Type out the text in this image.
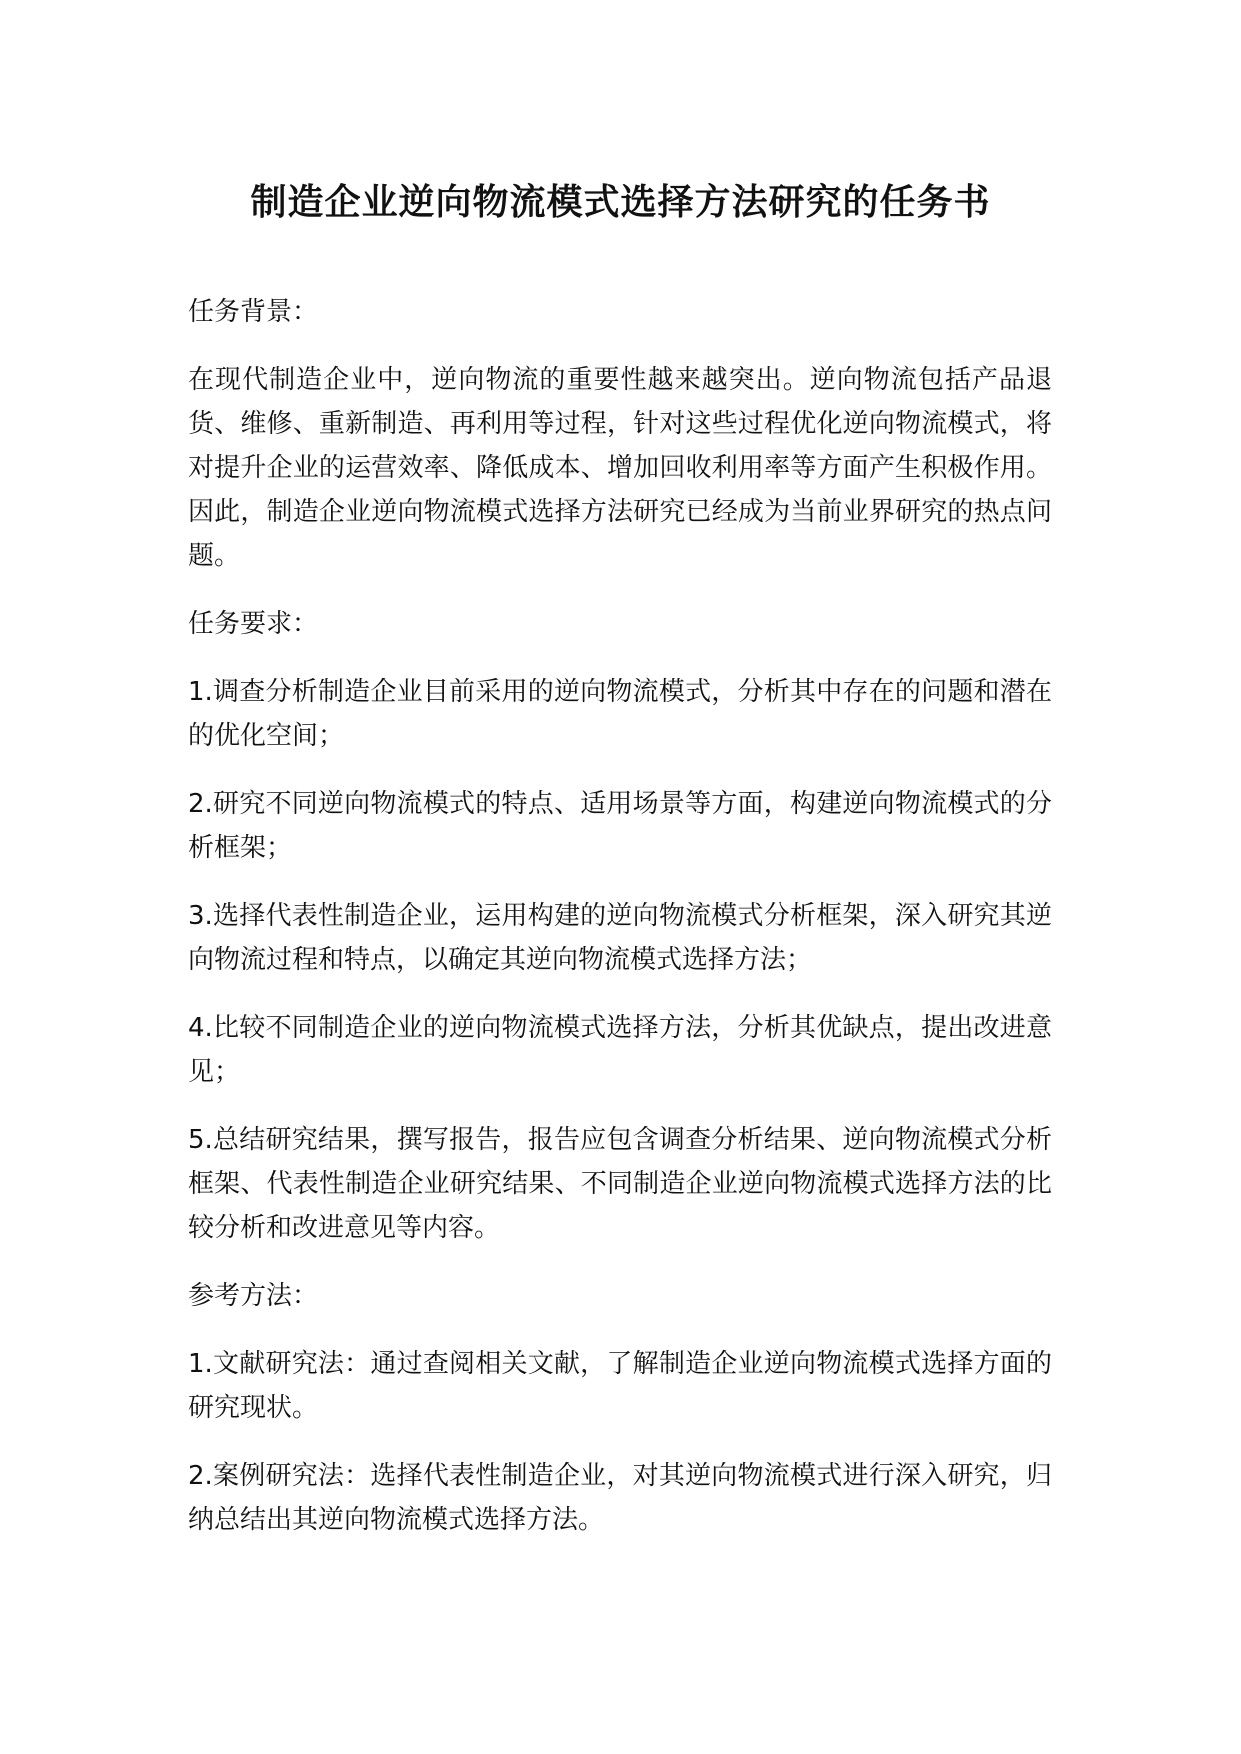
制造企业逆向物流模式选择方法研究的任务书

任务背景：

在现代制造企业中，逆向物流的重要性越来越突出。逆向物流包括产品退货、维修、重新制造、再利用等过程，针对这些过程优化逆向物流模式，将对提升企业的运营效率、降低成本、增加回收利用率等方面产生积极作用。因此，制造企业逆向物流模式选择方法研究已经成为当前业界研究的热点问题。

任务要求：

1.调查分析制造企业目前采用的逆向物流模式，分析其中存在的问题和潜在的优化空间；

2.研究不同逆向物流模式的特点、适用场景等方面，构建逆向物流模式的分析框架；

3.选择代表性制造企业，运用构建的逆向物流模式分析框架，深入研究其逆向物流过程和特点，以确定其逆向物流模式选择方法；

4.比较不同制造企业的逆向物流模式选择方法，分析其优缺点，提出改进意见；

5.总结研究结果，撰写报告，报告应包含调查分析结果、逆向物流模式分析框架、代表性制造企业研究结果、不同制造企业逆向物流模式选择方法的比较分析和改进意见等内容。

参考方法：

1.文献研究法：通过查阅相关文献，了解制造企业逆向物流模式选择方面的研究现状。

2.案例研究法：选择代表性制造企业，对其逆向物流模式进行深入研究，归纳总结出其逆向物流模式选择方法。
